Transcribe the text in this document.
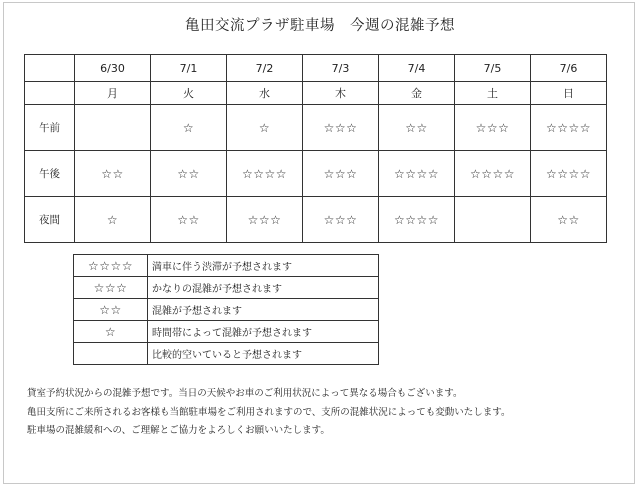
亀田交流プラザ駐車場　今週の混雑予想
	6/30	7/1	7/2	7/3	7/4	7/5	7/6
	月	火	水	木	金	土	日
午前		☆	☆	☆☆☆	☆☆	☆☆☆	☆☆☆☆
午後	☆☆	☆☆	☆☆☆☆	☆☆☆	☆☆☆☆	☆☆☆☆	☆☆☆☆
夜間	☆	☆☆	☆☆☆	☆☆☆	☆☆☆☆		☆☆
☆☆☆☆	満車に伴う渋滞が予想されます
☆☆☆	かなりの混雑が予想されます
☆☆	混雑が予想されます
☆	時間帯によって混雑が予想されます
	比較的空いていると予想されます
貸室予約状況からの混雑予想です。当日の天候やお車のご利用状況によって異なる場合もございます。
亀田支所にご来所されるお客様も当館駐車場をご利用されますので、支所の混雑状況によっても変動いたします。
駐車場の混雑緩和への、ご理解とご協力をよろしくお願いいたします。
